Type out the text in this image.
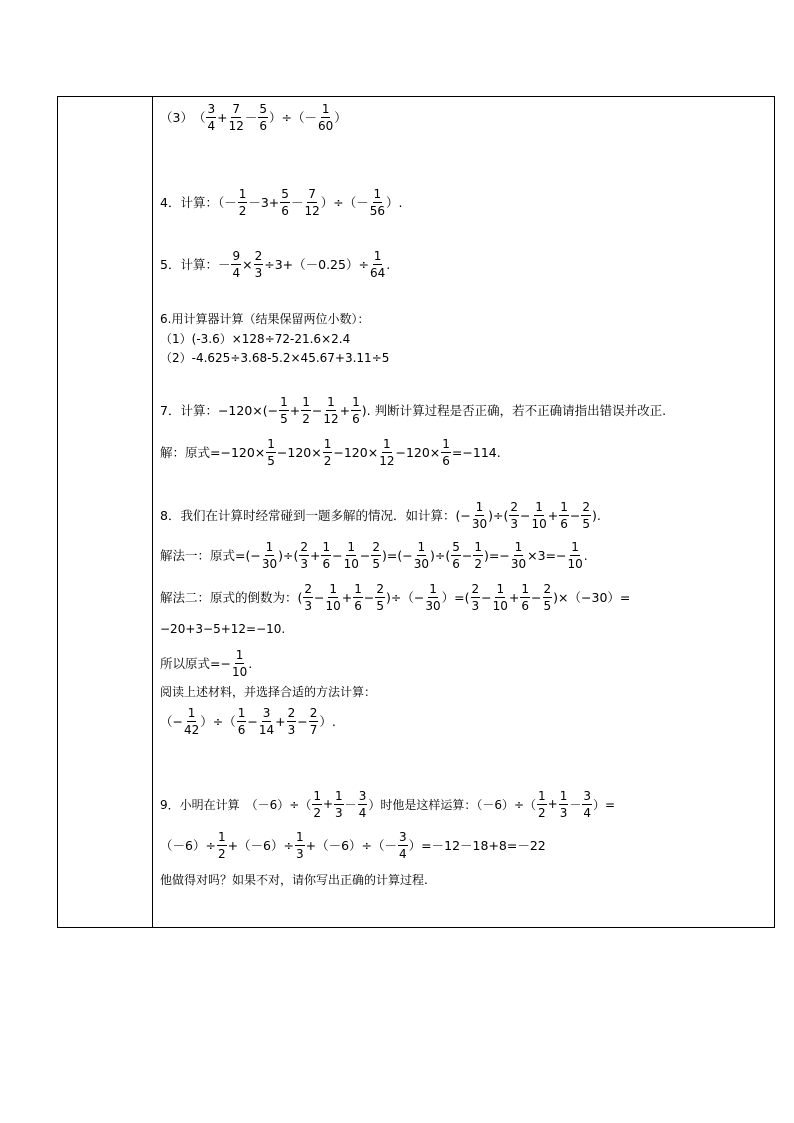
（3） （ $\frac{3}{4} + \frac{7}{12} - \frac{5}{6}$ ）÷（－ $\frac{1}{60}$ ）
4．计算：（－ $\frac{1}{2} -3+ \frac{5}{6} - \frac{7}{12}$ ）÷（－ $\frac{1}{56}$ ）.
5．计算：－ $\frac{9}{4} \times \frac{2}{3} \div 3+(-0.25)\div \frac{1}{64}$ .
6.用计算器计算（结果保留两位小数）：
（1）(-3.6）×128÷72-21.6×2.4
（2）-4.625÷3.68-5.2×45.67+3.11÷5
7．计算：$-120\times(- \frac{1}{5} + \frac{1}{2} - \frac{1}{12} + \frac{1}{6}$ ). 判断计算过程是否正确，若不正确请指出错误并改正.
解：原式$=-120\times \frac{1}{5} -120\times \frac{1}{2} -120\times \frac{1}{12} -120\times \frac{1}{6} =-114$.
8．我们在计算时经常碰到一题多解的情况．如计算：(− $\frac{1}{30}$ )÷( $\frac{2}{3} - \frac{1}{10} + \frac{1}{6} - \frac{2}{5}$ ).
解法一：原式=(− $\frac{1}{30}$ )÷( $\frac{2}{3} + \frac{1}{6} - \frac{1}{10} - \frac{2}{5}$ )=(− $\frac{1}{30}$ )÷( $\frac{5}{6} - \frac{1}{2}$ )=− $\frac{1}{30} \times 3=- \frac{1}{10}$ .
解法二：原式的倒数为：( $\frac{2}{3} - \frac{1}{10} + \frac{1}{6} - \frac{2}{5}$ )÷（− $\frac{1}{30}$ ）=( $\frac{2}{3} - \frac{1}{10} + \frac{1}{6} - \frac{2}{5} )\times(-30)=$
−20+3−5+12=−10.
所以原式=− $\frac{1}{10}$ .
阅读上述材料，并选择合适的方法计算：
（− $\frac{1}{42}$ ）÷（ $\frac{1}{6} - \frac{3}{14} + \frac{2}{3} - \frac{2}{7}$ ）.
9．小明在计算　$(-6)\div( \frac{1}{2} + \frac{1}{3} - \frac{3}{4}$ ）时他是这样运算：$(-6)\div( \frac{1}{2} + \frac{1}{3} - \frac{3}{4}$ ）=
$(-6)\div \frac{1}{2} +(-6)\div \frac{1}{3} +(-6)\div(- \frac{3}{4} )=-12-18+8=-22$
他做得对吗？如果不对，请你写出正确的计算过程.
